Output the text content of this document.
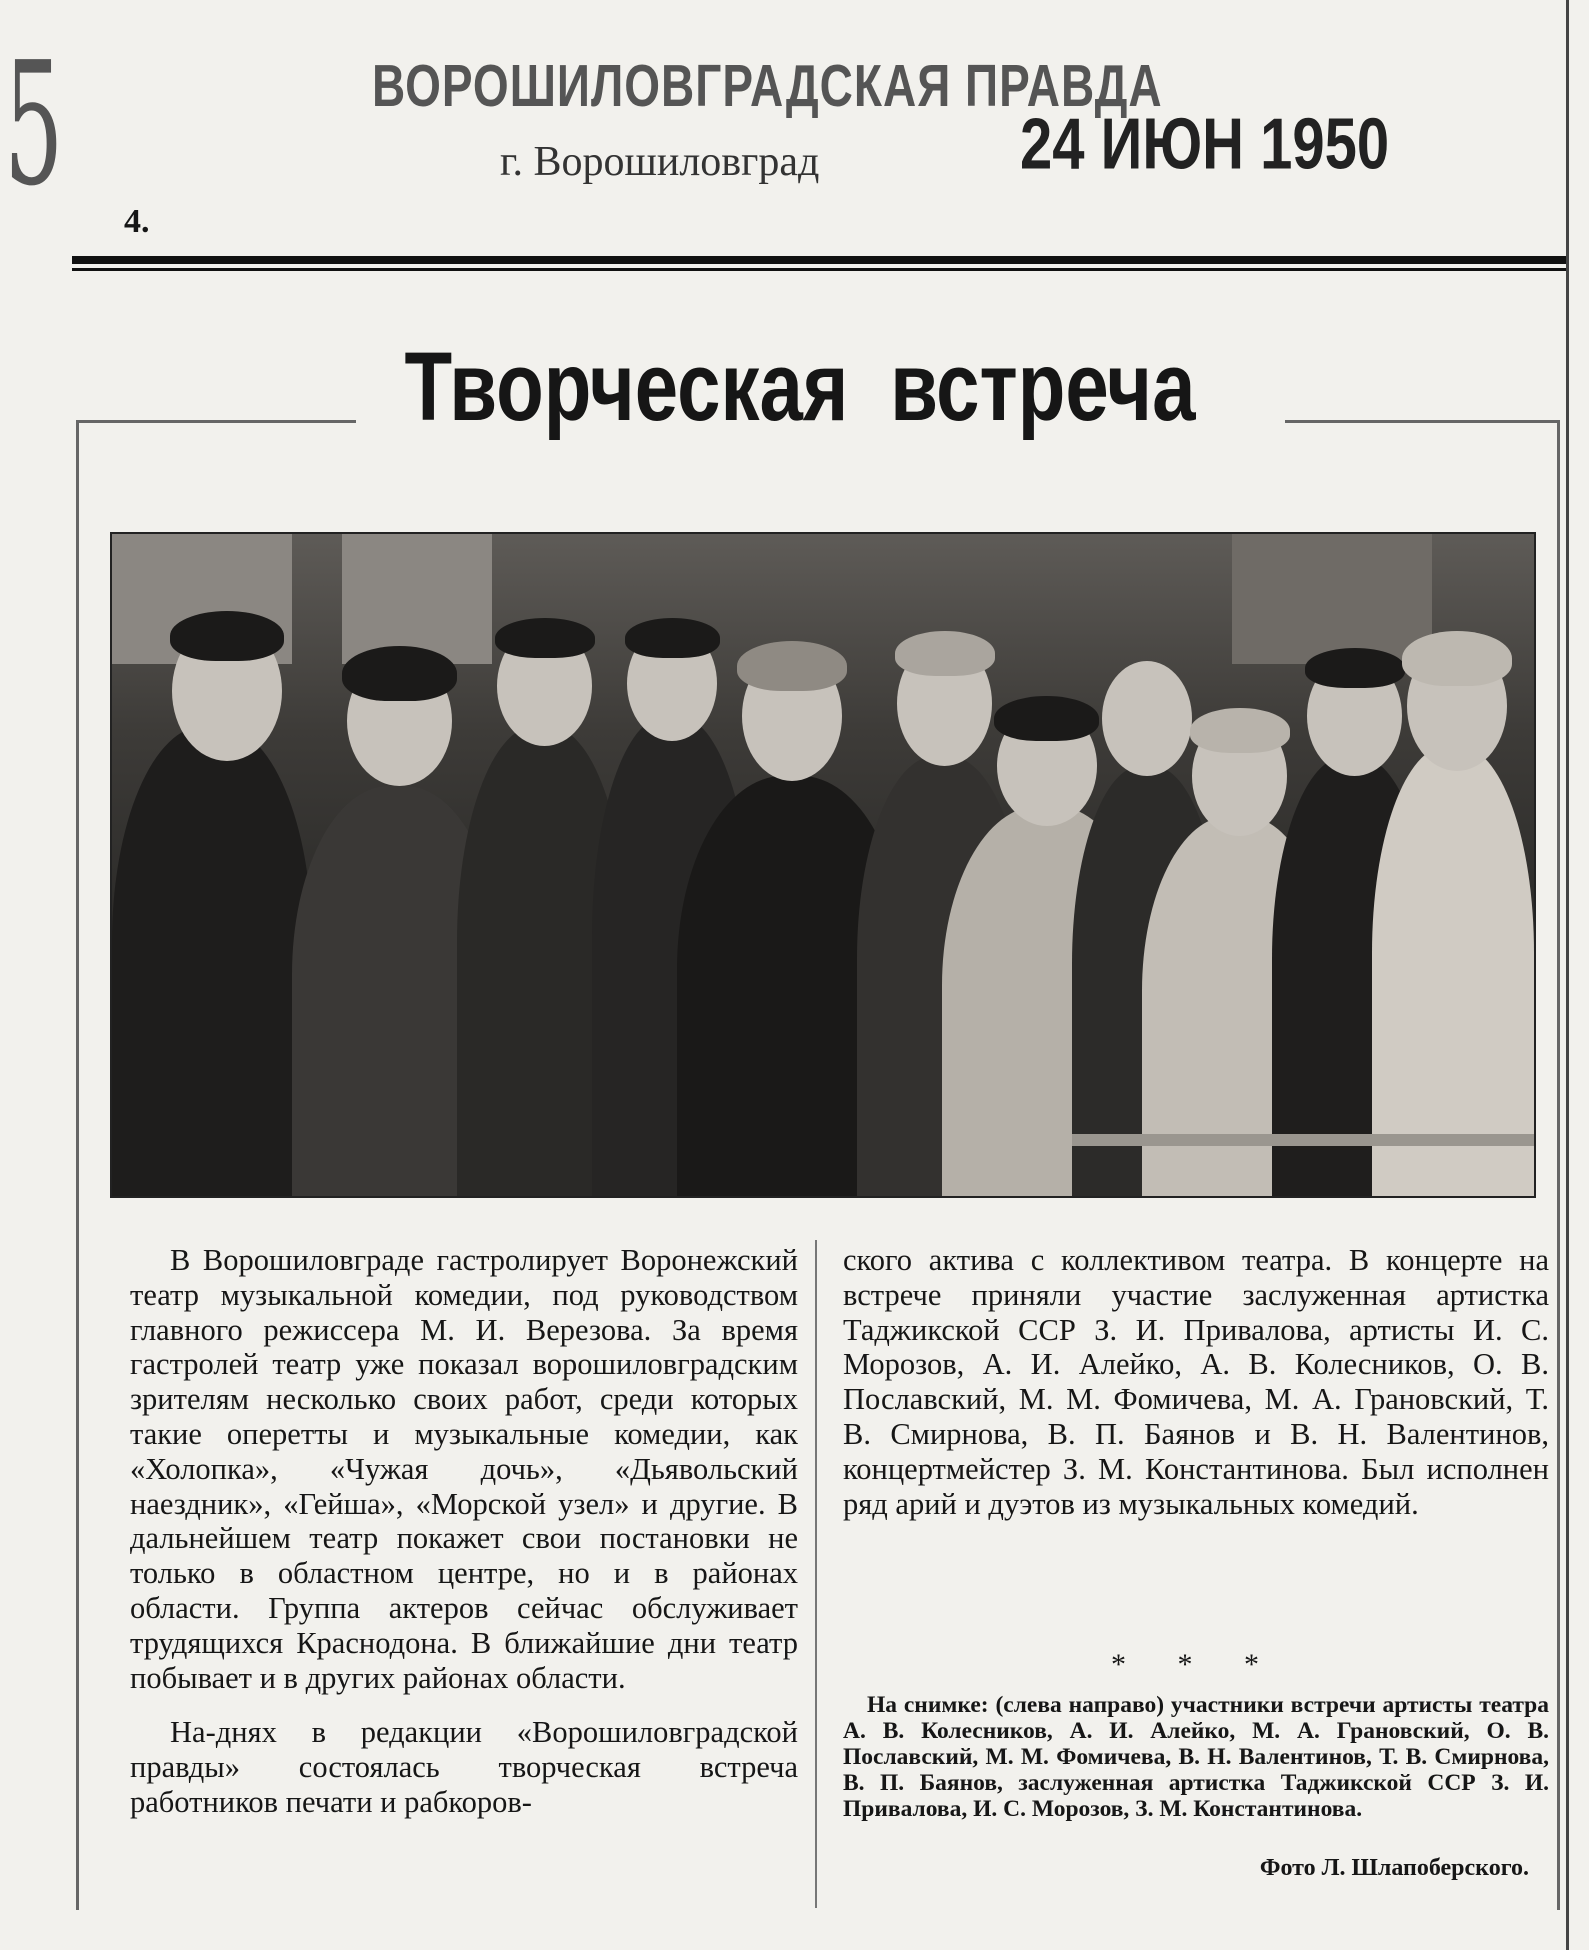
5	ВОРОШИЛОВГРАДСКАЯ ПРАВДА
г. Ворошиловград	24 ИЮН 1950
4.
Творческая встреча

В Ворошиловграде гастролирует Воронежский театр музыкальной комедии, под руководством главного режиссера М. И. Верезова. За время гастролей театр уже показал ворошиловградским зрителям несколько своих работ, среди которых такие оперетты и музыкальные комедии, как «Холопка», «Чужая дочь», «Дьявольский наездник», «Гейша», «Морской узел» и другие. В дальнейшем театр покажет свои постановки не только в областном центре, но и в районах области. Группа актеров сейчас обслуживает трудящихся Краснодона. В ближайшие дни театр побывает и в других районах области.

На-днях в редакции «Ворошиловградской правды» состоялась творческая встреча работников печати и рабкоров-

ского актива с коллективом театра. В концерте на встрече приняли участие заслуженная артистка Таджикской ССР З. И. Привалова, артисты И. С. Морозов, А. И. Алейко, А. В. Колесников, О. В. Пославский, М. М. Фомичева, М. А. Грановский, Т. В. Смирнова, В. П. Баянов и В. Н. Валентинов, концертмейстер З. М. Константинова. Был исполнен ряд арий и дуэтов из музыкальных комедий.

* * *
На снимке: (слева направо) участники встречи артисты театра А. В. Колесников, А. И. Алейко, М. А. Грановский, О. В. Пославский, М. М. Фомичева, В. Н. Валентинов, Т. В. Смирнова, В. П. Баянов, заслуженная артистка Таджикской ССР З. И. Привалова, И. С. Морозов, З. М. Константинова.
Фото Л. Шлапоберского.
